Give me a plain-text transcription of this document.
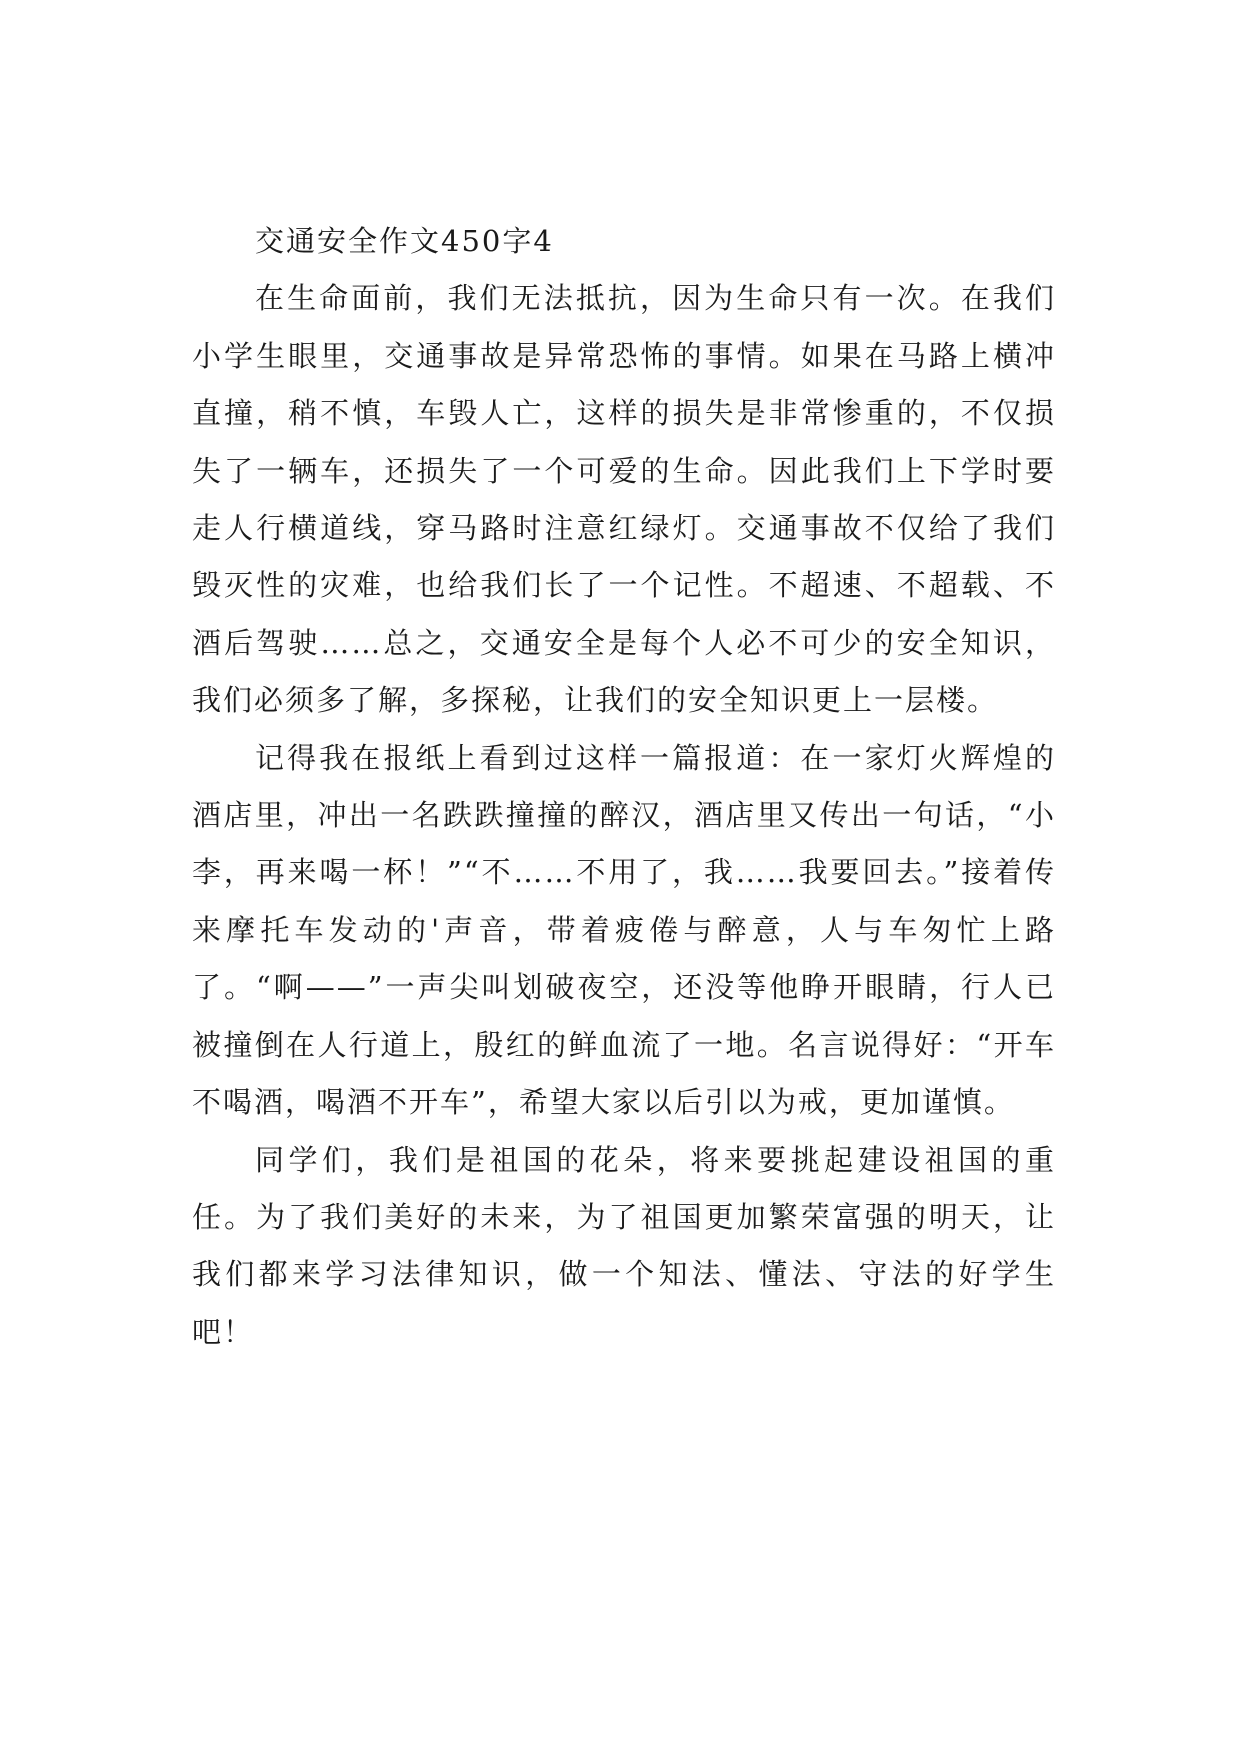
交通安全作文450字4

在生命面前，我们无法抵抗，因为生命只有一次。在我们小学生眼里，交通事故是异常恐怖的事情。如果在马路上横冲直撞，稍不慎，车毁人亡，这样的损失是非常惨重的，不仅损失了一辆车，还损失了一个可爱的生命。因此我们上下学时要走人行横道线，穿马路时注意红绿灯。交通事故不仅给了我们毁灭性的灾难，也给我们长了一个记性。不超速、不超载、不酒后驾驶……总之，交通安全是每个人必不可少的安全知识，我们必须多了解，多探秘，让我们的安全知识更上一层楼。

记得我在报纸上看到过这样一篇报道：在一家灯火辉煌的酒店里，冲出一名跌跌撞撞的醉汉，酒店里又传出一句话，“小李，再来喝一杯！”“不……不用了，我……我要回去。”接着传来摩托车发动的'声音，带着疲倦与醉意，人与车匆忙上路了。“啊——”一声尖叫划破夜空，还没等他睁开眼睛，行人已被撞倒在人行道上，殷红的鲜血流了一地。名言说得好：“开车不喝酒，喝酒不开车”，希望大家以后引以为戒，更加谨慎。

同学们，我们是祖国的花朵，将来要挑起建设祖国的重任。为了我们美好的未来，为了祖国更加繁荣富强的明天，让我们都来学习法律知识，做一个知法、懂法、守法的好学生吧！
